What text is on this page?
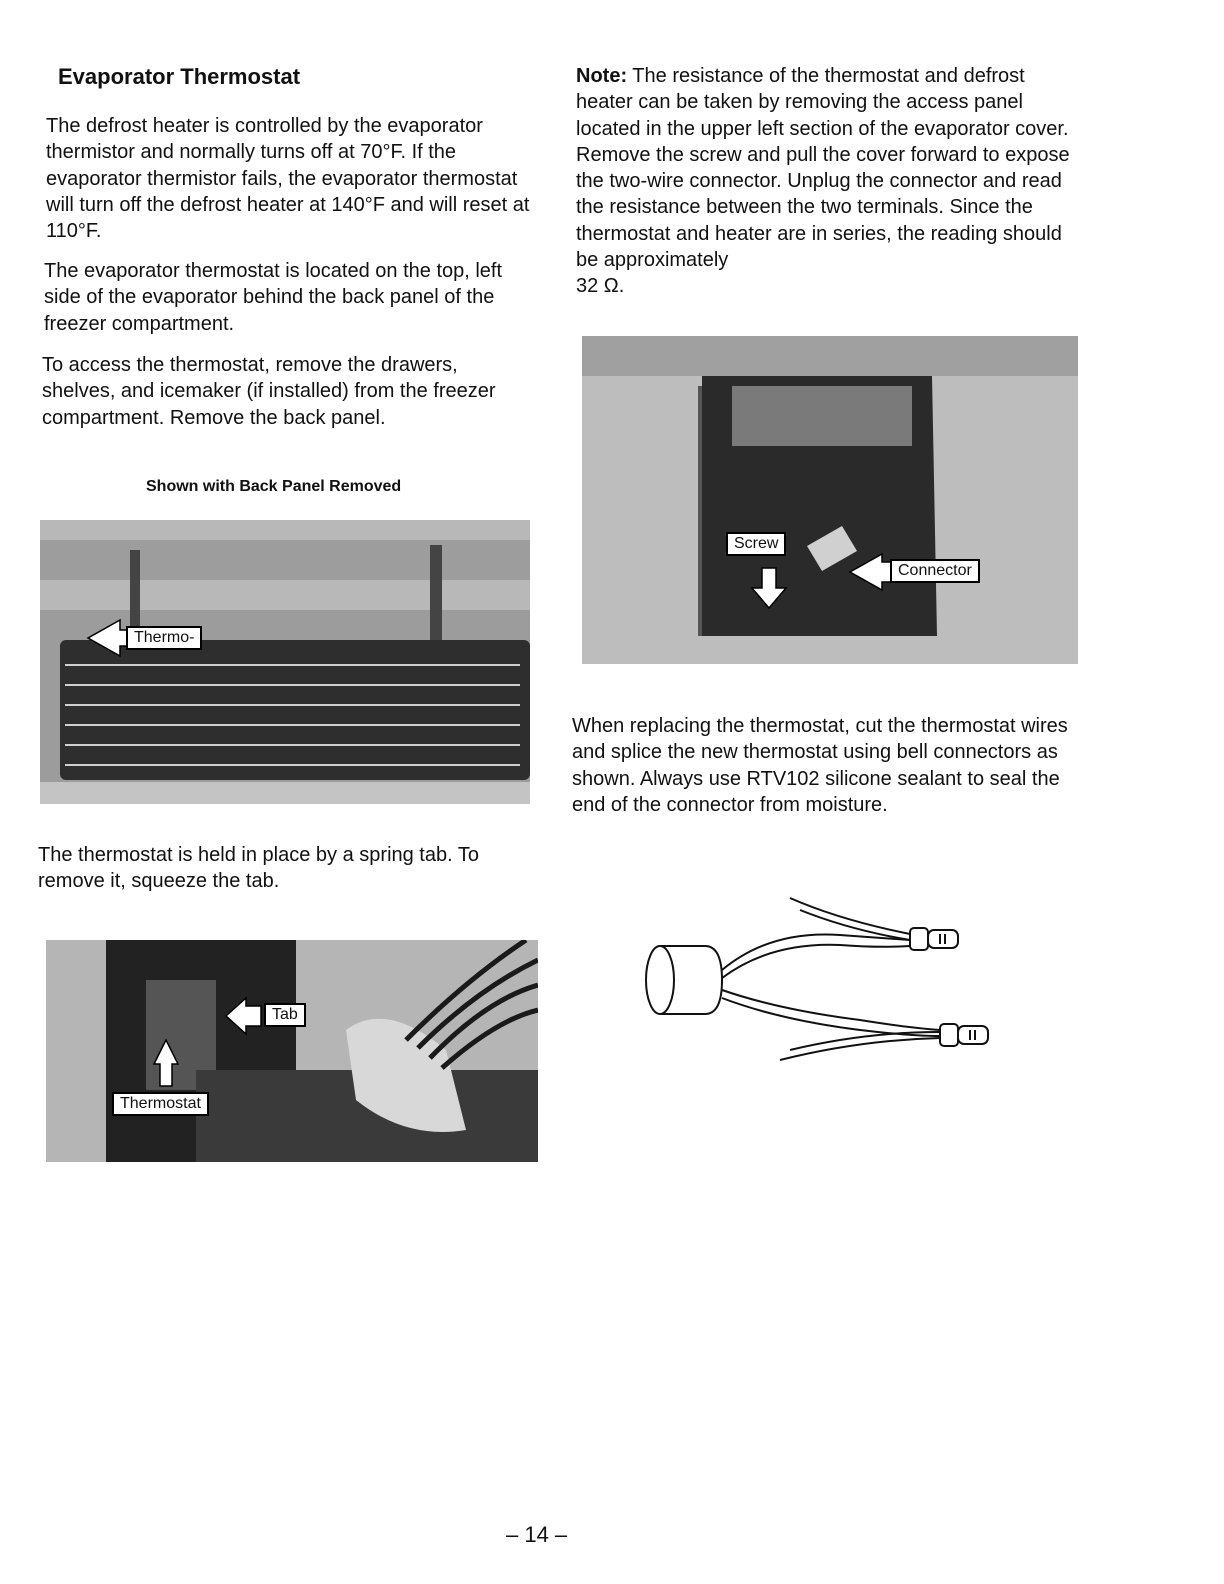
Evaporator Thermostat

The defrost heater is controlled by the evaporator thermistor and normally turns off at 70°F. If the evaporator thermistor fails, the evaporator thermostat will turn off the defrost heater at 140°F and will reset at 110°F.

The evaporator thermostat is located on the top, left side of the evaporator behind the back panel of the freezer compartment.

To access the thermostat, remove the drawers, shelves, and icemaker (if installed) from the freezer compartment. Remove the back panel.

Shown with Back Panel Removed
Thermo-

The thermostat is held in place by a spring tab. To remove it, squeeze the tab.

Tab
Thermostat

Note: The resistance of the thermostat and defrost heater can be taken by removing the access panel located in the upper left section of the evaporator cover. Remove the screw and pull the cover forward to expose the two-wire connector. Unplug the connector and read the resistance between the two terminals. Since the thermostat and heater are in series, the reading should be approximately

32 Ω.
Screw
Connector

When replacing the thermostat, cut the thermostat wires and splice the new thermostat using bell connectors as shown. Always use RTV102 silicone sealant to seal the end of the connector from moisture.

– 14 –
